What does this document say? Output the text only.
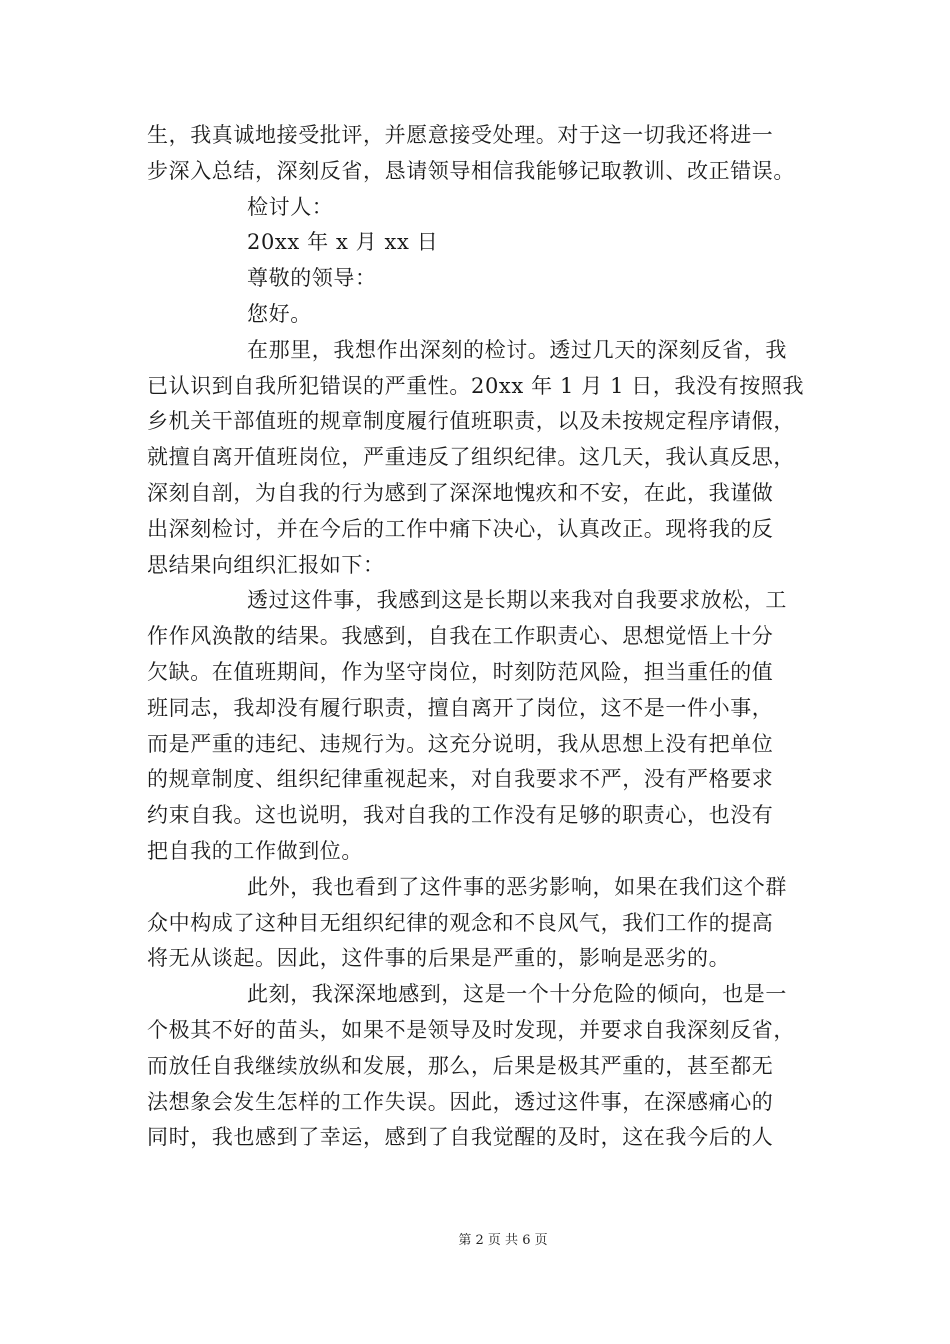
生，我真诚地接受批评，并愿意接受处理。对于这一切我还将进一
步深入总结，深刻反省，恳请领导相信我能够记取教训、改正错误。
检讨人：
20xx 年 x 月 xx 日
尊敬的领导：
您好。
在那里，我想作出深刻的检讨。透过几天的深刻反省，我
已认识到自我所犯错误的严重性。20xx 年 1 月 1 日，我没有按照我
乡机关干部值班的规章制度履行值班职责，以及未按规定程序请假，
就擅自离开值班岗位，严重违反了组织纪律。这几天，我认真反思，
深刻自剖，为自我的行为感到了深深地愧疚和不安，在此，我谨做
出深刻检讨，并在今后的工作中痛下决心，认真改正。现将我的反
思结果向组织汇报如下：
透过这件事，我感到这是长期以来我对自我要求放松，工
作作风涣散的结果。我感到，自我在工作职责心、思想觉悟上十分
欠缺。在值班期间，作为坚守岗位，时刻防范风险，担当重任的值
班同志，我却没有履行职责，擅自离开了岗位，这不是一件小事，
而是严重的违纪、违规行为。这充分说明，我从思想上没有把单位
的规章制度、组织纪律重视起来，对自我要求不严，没有严格要求
约束自我。这也说明，我对自我的工作没有足够的职责心，也没有
把自我的工作做到位。
此外，我也看到了这件事的恶劣影响，如果在我们这个群
众中构成了这种目无组织纪律的观念和不良风气，我们工作的提高
将无从谈起。因此，这件事的后果是严重的，影响是恶劣的。
此刻，我深深地感到，这是一个十分危险的倾向，也是一
个极其不好的苗头，如果不是领导及时发现，并要求自我深刻反省，
而放任自我继续放纵和发展，那么，后果是极其严重的，甚至都无
法想象会发生怎样的工作失误。因此，透过这件事，在深感痛心的
同时，我也感到了幸运，感到了自我觉醒的及时，这在我今后的人
第 2 页 共 6 页
